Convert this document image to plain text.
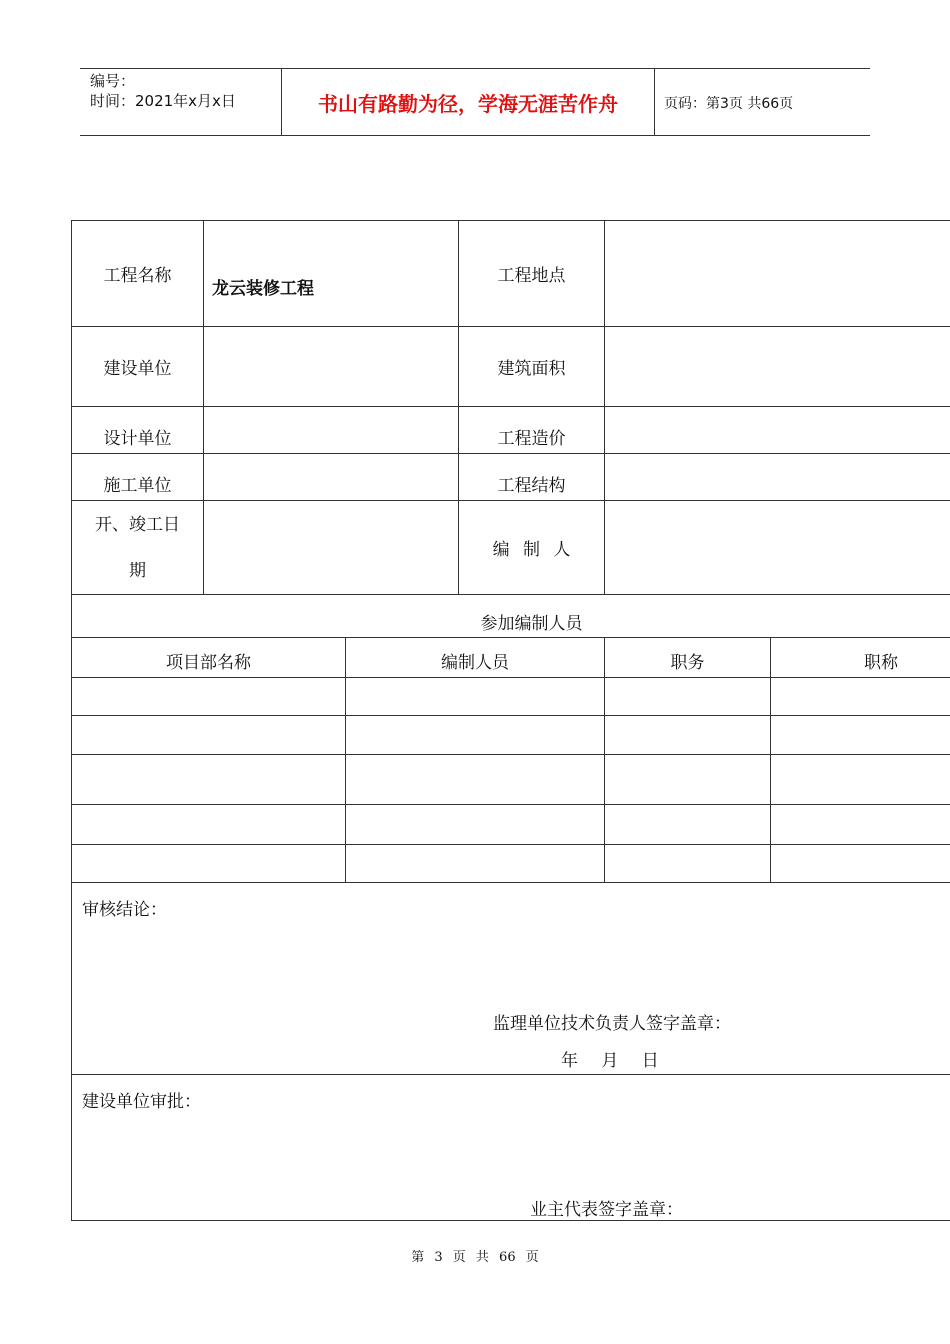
编号：
时间：2021年x月x日	书山有路勤为径，学海无涯苦作舟	页码：第3页 共66页
工程名称	龙云装修工程		工程地点		
建设单位			建筑面积		
设计单位			工程造价		
施工单位			工程结构		

开、竣工日
期			编 制 人		
参加编制人员					
项目部名称		编制人员		职务	职称

审核结论：
监理单位技术负责人签字盖章：
年 月 日					

建设单位审批：
业主代表签字盖章：					
第 3 页 共 66 页
